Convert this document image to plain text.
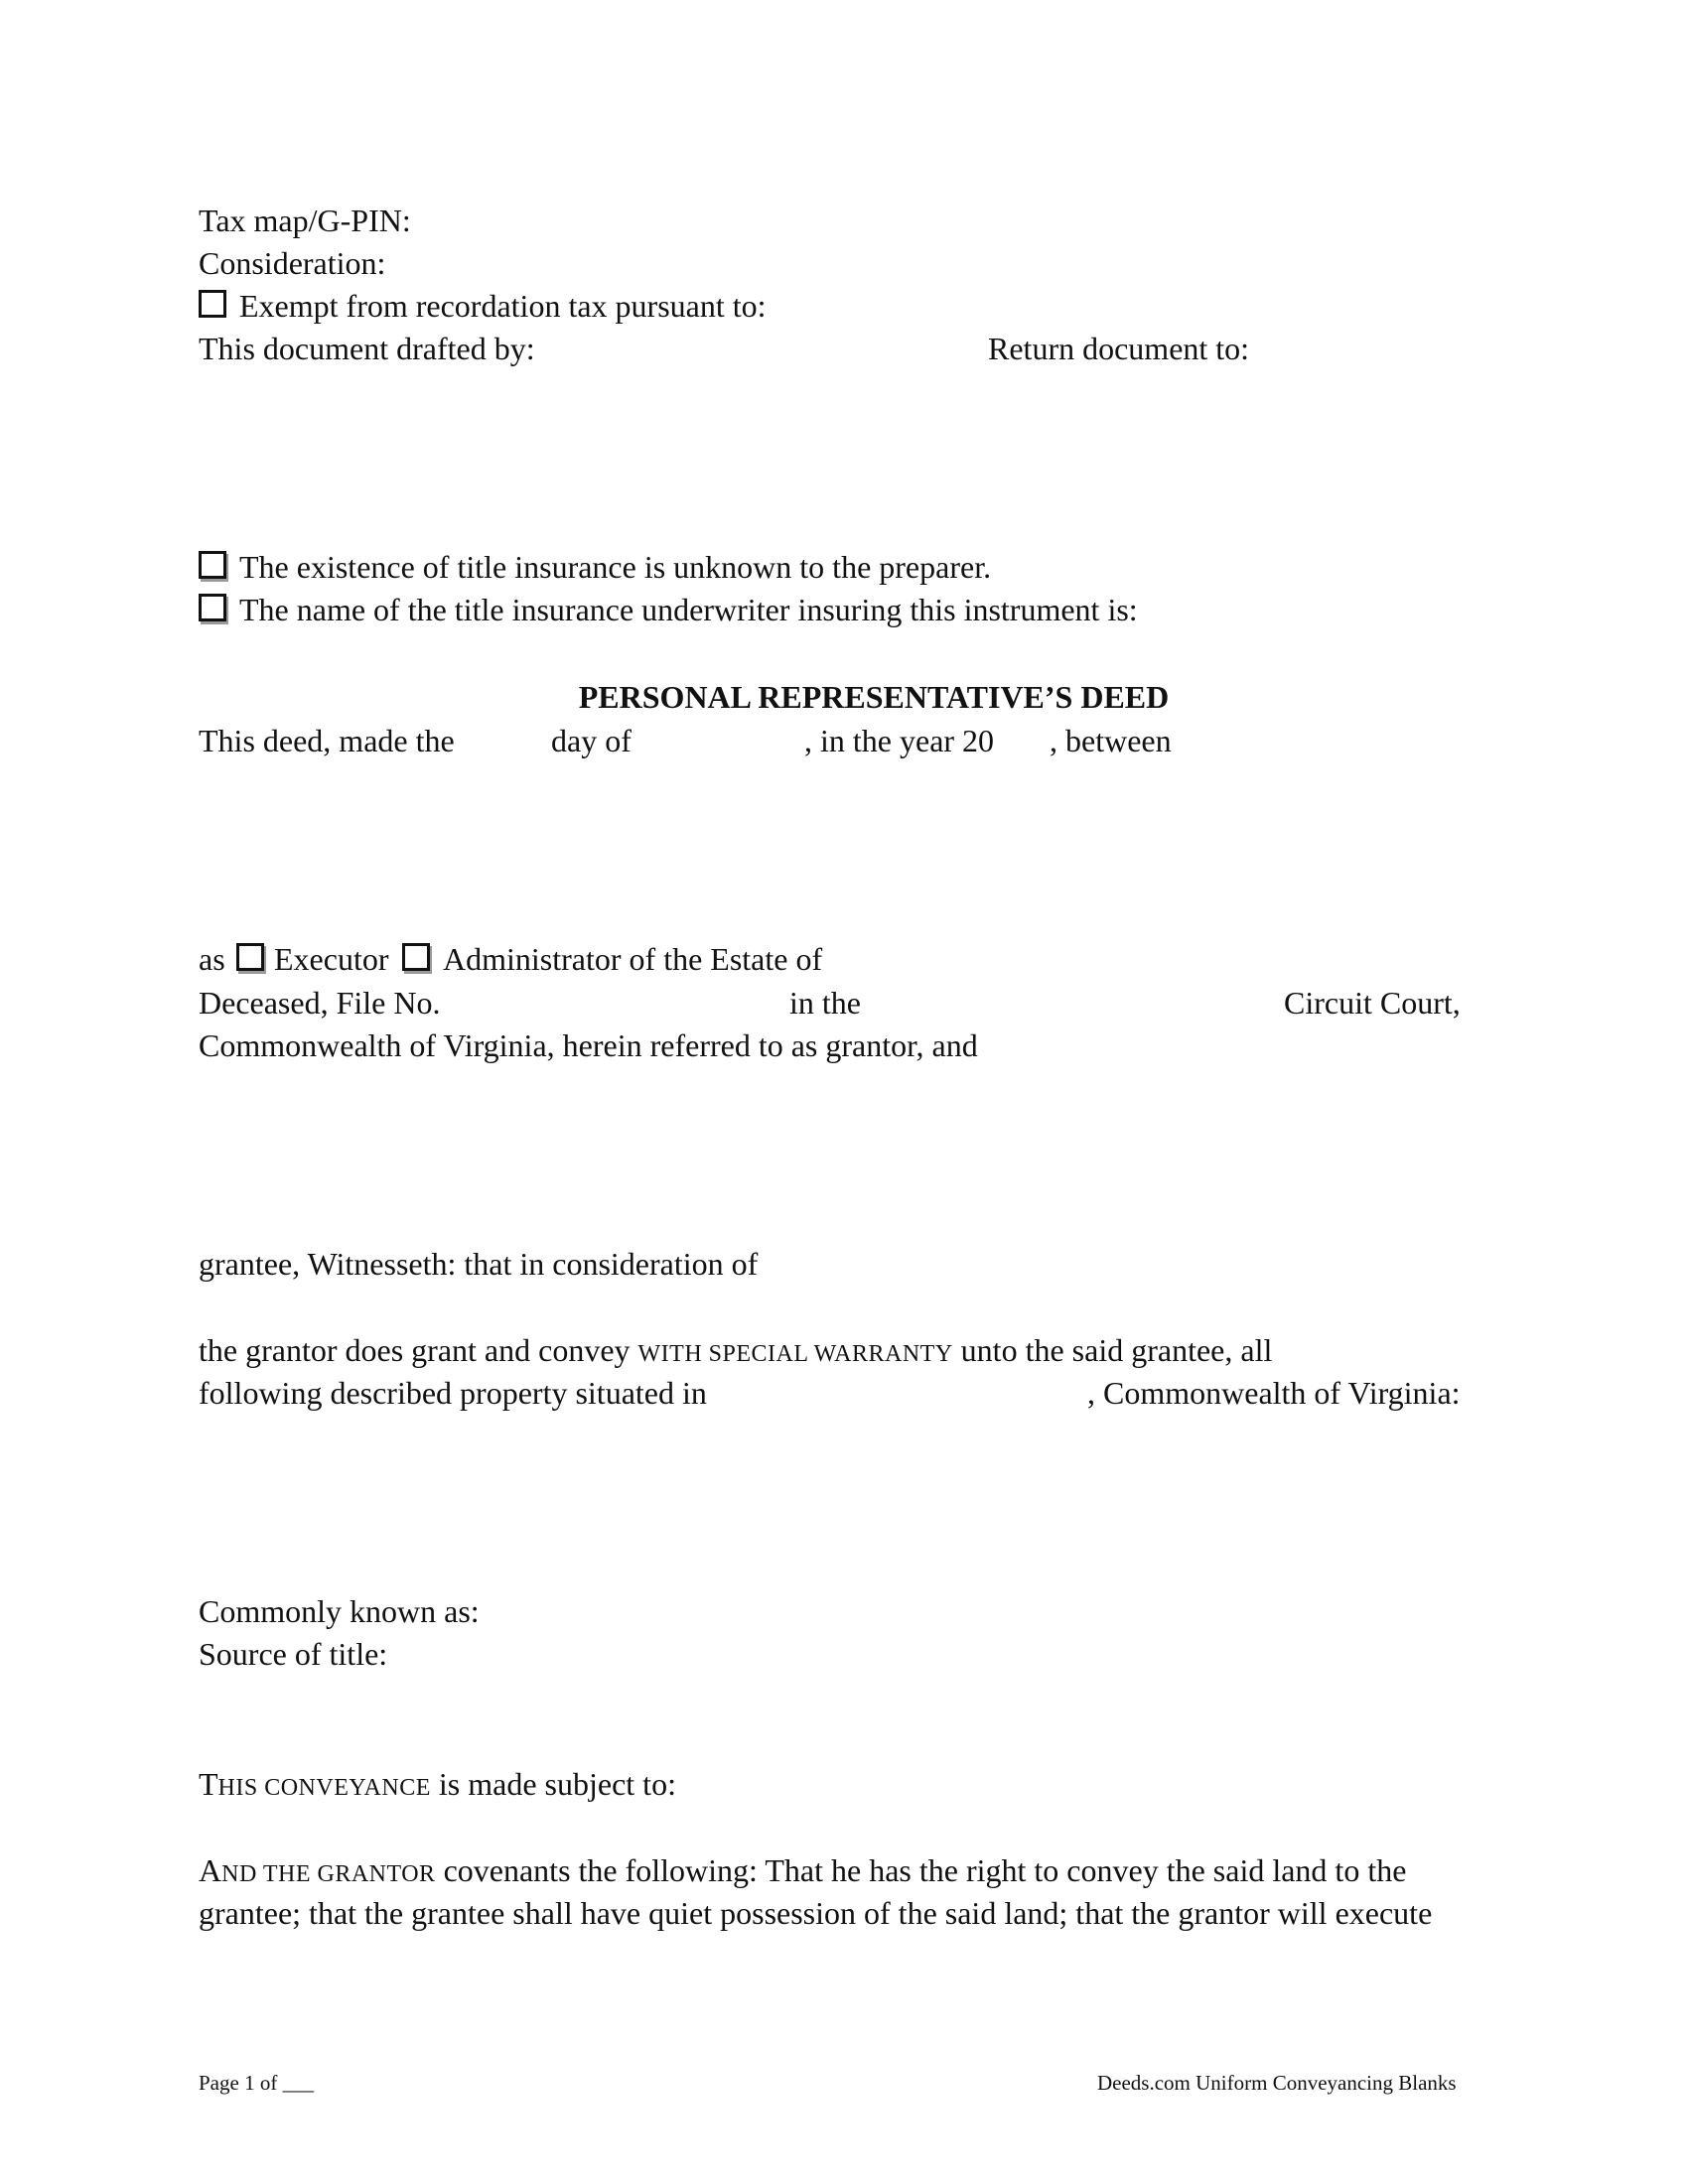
Tax map/G-PIN:
Consideration:
Exempt from recordation tax pursuant to:
This document drafted by:	Return document to:
The existence of title insurance is unknown to the preparer.
The name of the title insurance underwriter insuring this instrument is:
PERSONAL REPRESENTATIVE’S DEED
This deed, made the	day of	, in the year 20 , between
as Executor Administrator of the Estate of
Deceased, File No.	in the	Circuit Court,
Commonwealth of Virginia, herein referred to as grantor, and
grantee, Witnesseth: that in consideration of
the grantor does grant and convey WITH SPECIAL WARRANTY unto the said grantee, all
following described property situated in	, Commonwealth of Virginia:
Commonly known as:
Source of title:
THIS CONVEYANCE is made subject to:
AND THE GRANTOR covenants the following: That he has the right to convey the said land to the
grantee; that the grantee shall have quiet possession of the said land; that the grantor will execute
Page 1 of ___	Deeds.com Uniform Conveyancing Blanks
